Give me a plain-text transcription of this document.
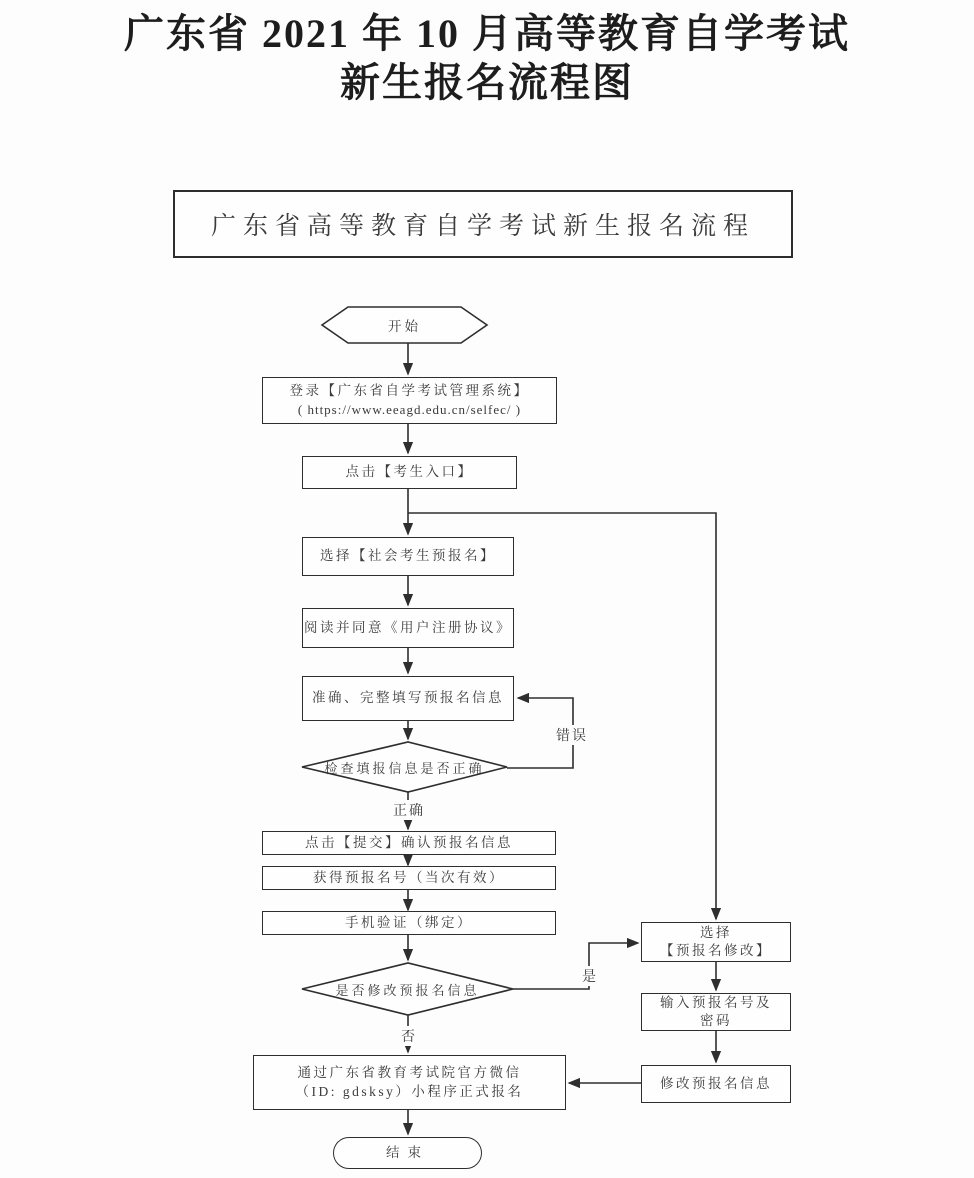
广东省 2021 年 10 月高等教育自学考试
新生报名流程图
广东省高等教育自学考试新生报名流程
开始
登录【广东省自学考试管理系统】
( https://www.eeagd.edu.cn/selfec/ )
点击【考生入口】
选择【社会考生预报名】
阅读并同意《用户注册协议》
准确、完整填写预报名信息
检查填报信息是否正确
点击【提交】确认预报名信息
获得预报名号（当次有效）
手机验证（绑定）
是否修改预报名信息
通过广东省教育考试院官方微信
（ID: gdsksy）小程序正式报名
结束
选择
【预报名修改】
输入预报名号及
密码
修改预报名信息
错误
正确
是
否
